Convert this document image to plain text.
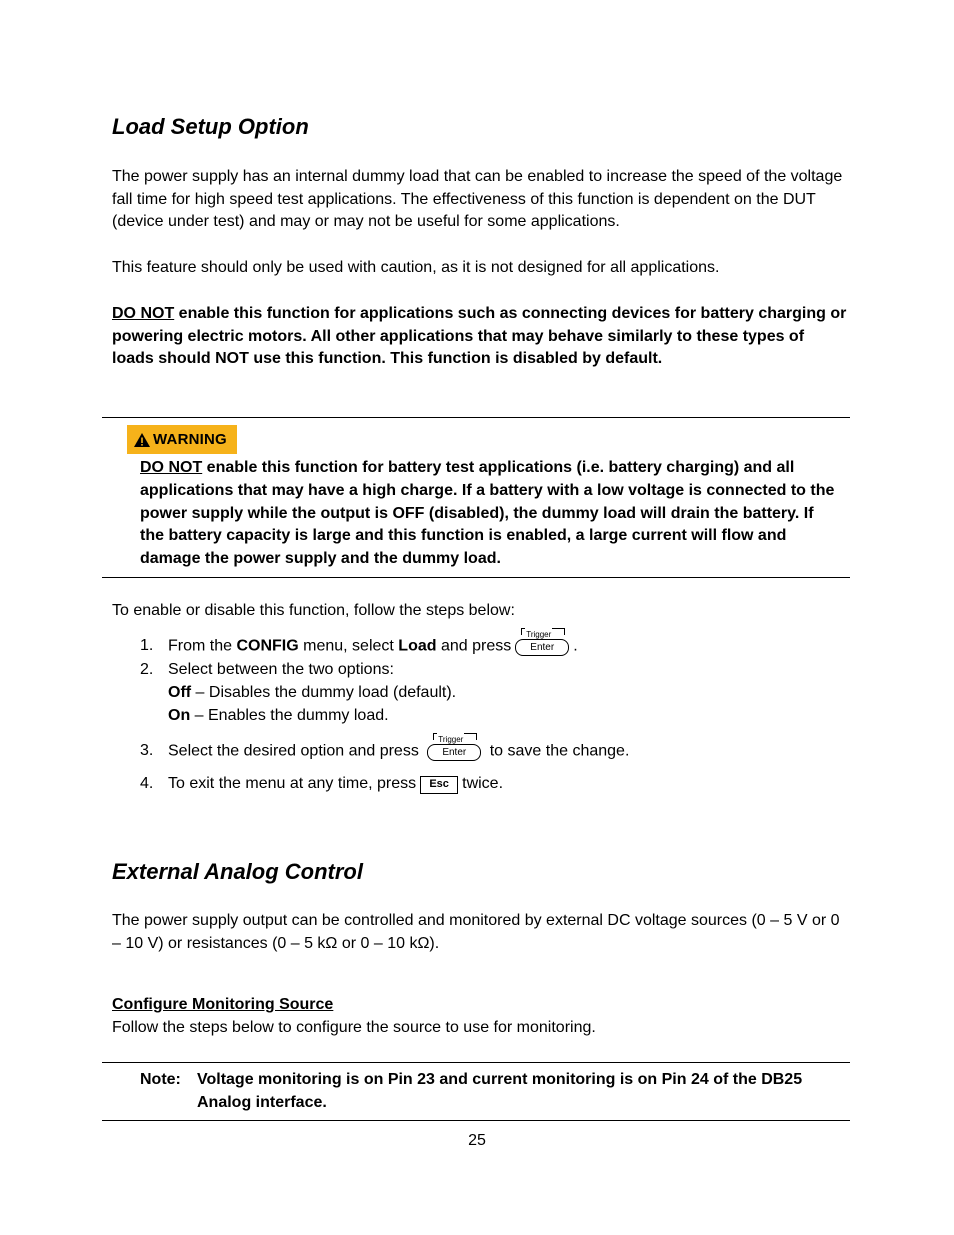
Load Setup Option
The power supply has an internal dummy load that can be enabled to increase the speed of the voltage fall time for high speed test applications. The effectiveness of this function is dependent on the DUT (device under test) and may or may not be useful for some applications.
This feature should only be used with caution, as it is not designed for all applications.
DO NOT enable this function for applications such as connecting devices for battery charging or powering electric motors. All other applications that may behave similarly to these types of loads should NOT use this function. This function is disabled by default.
WARNING
DO NOT enable this function for battery test applications (i.e. battery charging) and all applications that may have a high charge. If a battery with a low voltage is connected to the power supply while the output is OFF (disabled), the dummy load will drain the battery. If the battery capacity is large and this function is enabled, a large current will flow and damage the power supply and the dummy load.
To enable or disable this function, follow the steps below:
1. From the CONFIG menu, select Load and press
Trigger
Enter	.
2. Select between the two options:
Off – Disables the dummy load (default).
On – Enables the dummy load.
3. Select the desired option and press
Trigger
Enter	to save the change.
4. To exit the menu at any time, press Esc twice.
External Analog Control
The power supply output can be controlled and monitored by external DC voltage sources (0 – 5 V or 0 – 10 V) or resistances (0 – 5 kΩ or 0 – 10 kΩ).
Configure Monitoring Source
Follow the steps below to configure the source to use for monitoring.
Note: Voltage monitoring is on Pin 23 and current monitoring is on Pin 24 of the DB25 Analog interface.
25
